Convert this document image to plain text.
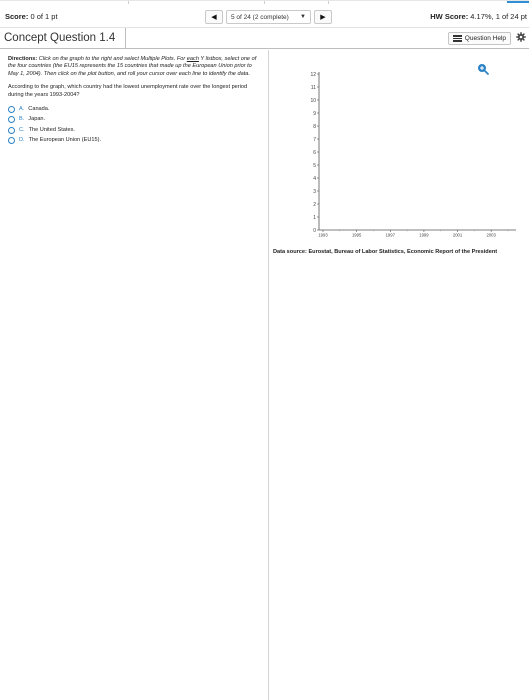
Score: 0 of 1 pt	◀ 5 of 24 (2 complete) ▼ ▶	HW Score: 4.17%, 1 of 24 pt
Concept Question 1.4	Question Help
Directions: Click on the graph to the right and select Multiple Plots. For each Y listbox, select one of the four countries (the EU15 represents the 15 countries that made up the European Union prior to May 1, 2004). Then click on the plot button, and roll your cursor over each line to identify the data.
According to the graph, which country had the lowest unemployment rate over the longest period during the years 1993-2004?
A. Canada.
B. Japan.
C. The United States.
D. The European Union (EU15).
0
1
2
3
4
5
6
7
8
9
10
11
12
1993	1995	1997	1999	2001	2003
Data source: Eurostat, Bureau of Labor Statistics, Economic Report of the President
